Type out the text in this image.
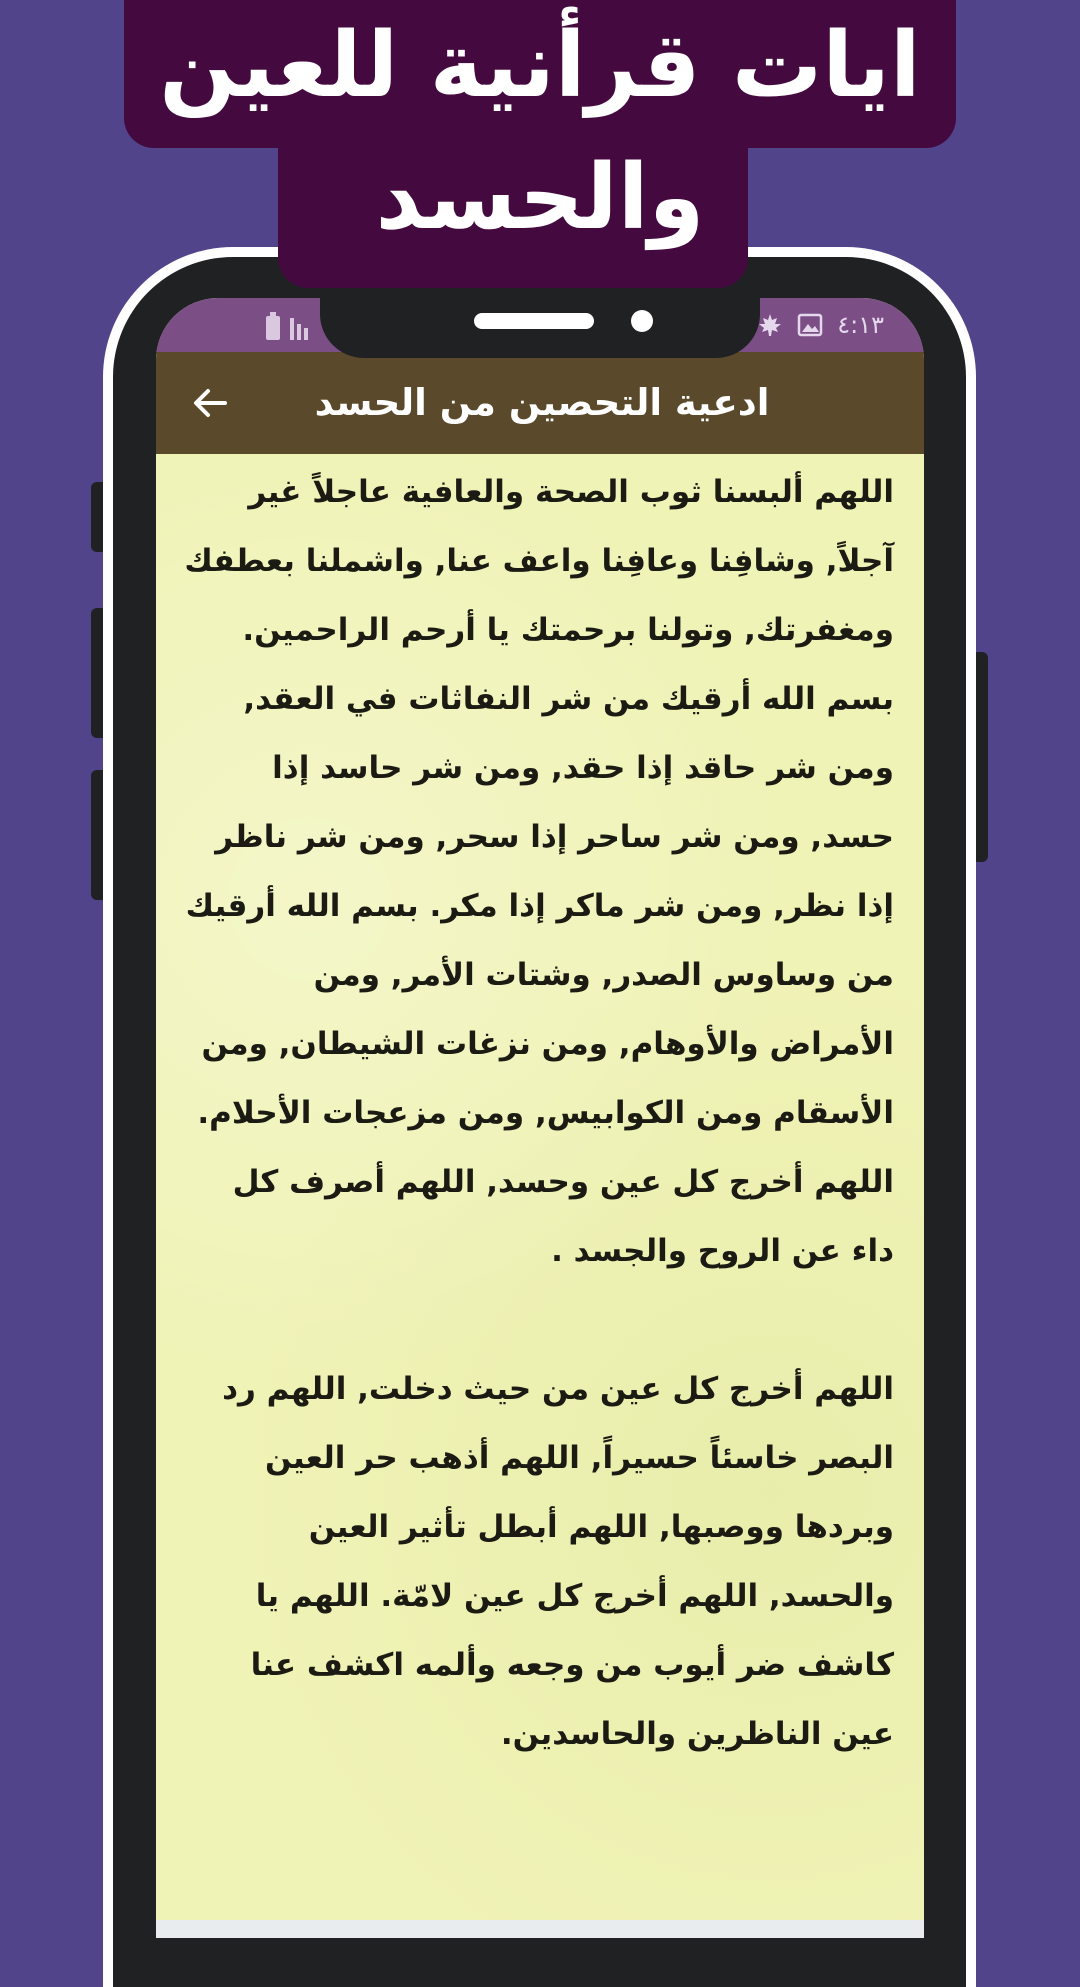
٤:١٣
ادعية التحصين من الحسد

اللهم ألبسنا ثوب الصحة والعافية عاجلاً غير آجلاً, وشافِنا وعافِنا واعف عنا, واشملنا بعطفك ومغفرتك, وتولنا برحمتك يا أرحم الراحمين. بسم الله أرقيك من شر النفاثات في العقد, ومن شر حاقد إذا حقد, ومن شر حاسد إذا حسد, ومن شر ساحر إذا سحر, ومن شر ناظر إذا نظر, ومن شر ماكر إذا مكر. بسم الله أرقيك من وساوس الصدر, وشتات الأمر, ومن الأمراض والأوهام, ومن نزغات الشيطان, ومن الأسقام ومن الكوابيس, ومن مزعجات الأحلام. اللهم أخرج كل عين وحسد, اللهم أصرف كل داء عن الروح والجسد .

اللهم أخرج كل عين من حيث دخلت, اللهم رد البصر خاسئاً حسيراً, اللهم أذهب حر العين وبردها ووصبها, اللهم أبطل تأثير العين والحسد, اللهم أخرج كل عين لامّة. اللهم يا كاشف ضر أيوب من وجعه وألمه اكشف عنا عين الناظرين والحاسدين.

ايات قرأنية للعين
والحسد
